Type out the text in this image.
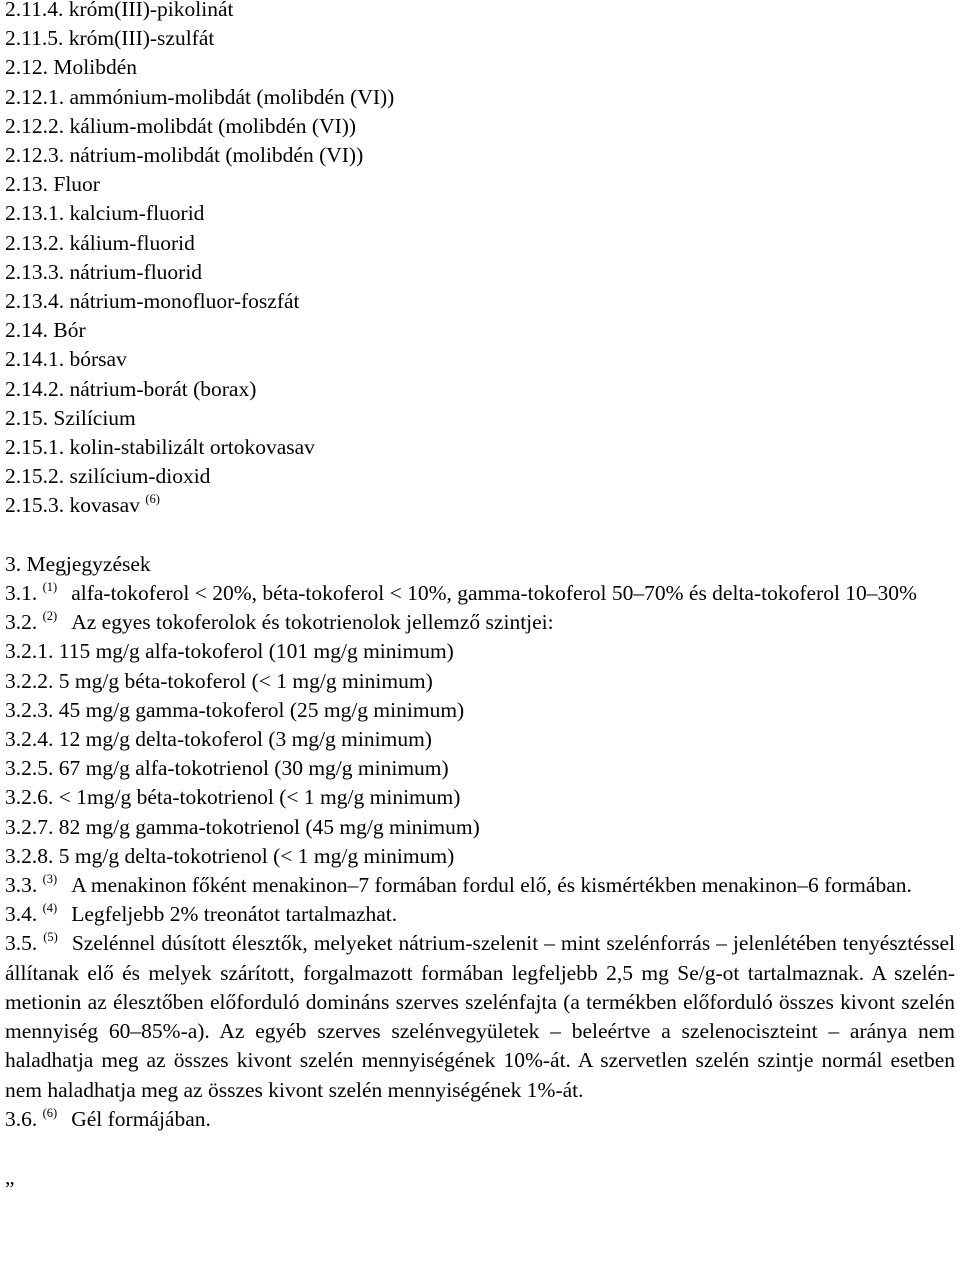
2.11.4. króm(III)-pikolinát
2.11.5. króm(III)-szulfát
2.12. Molibdén
2.12.1. ammónium-molibdát (molibdén (VI))
2.12.2. kálium-molibdát (molibdén (VI))
2.12.3. nátrium-molibdát (molibdén (VI))
2.13. Fluor
2.13.1. kalcium-fluorid
2.13.2. kálium-fluorid
2.13.3. nátrium-fluorid
2.13.4. nátrium-monofluor-foszfát
2.14. Bór
2.14.1. bórsav
2.14.2. nátrium-borát (borax)
2.15. Szilícium
2.15.1. kolin-stabilizált ortokovasav
2.15.2. szilícium-dioxid
2.15.3. kovasav $^{(6)}$
3. Megjegyzések
3.1. $^{(1)}$ alfa-tokoferol < 20%, béta-tokoferol < 10%, gamma-tokoferol 50–70% és delta-tokoferol 10–30%
3.2. $^{(2)}$ Az egyes tokoferolok és tokotrienolok jellemző szintjei:
3.2.1. 115 mg/g alfa-tokoferol (101 mg/g minimum)
3.2.2. 5 mg/g béta-tokoferol (< 1 mg/g minimum)
3.2.3. 45 mg/g gamma-tokoferol (25 mg/g minimum)
3.2.4. 12 mg/g delta-tokoferol (3 mg/g minimum)
3.2.5. 67 mg/g alfa-tokotrienol (30 mg/g minimum)
3.2.6. < 1mg/g béta-tokotrienol (< 1 mg/g minimum)
3.2.7. 82 mg/g gamma-tokotrienol (45 mg/g minimum)
3.2.8. 5 mg/g delta-tokotrienol (< 1 mg/g minimum)
3.3. $^{(3)}$ A menakinon főként menakinon–7 formában fordul elő, és kismértékben menakinon–6 formában.
3.4. $^{(4)}$ Legfeljebb 2% treonátot tartalmazhat.
3.5. $^{(5)}$ Szelénnel dúsított élesztők, melyeket nátrium-szelenit – mint szelénforrás – jelenlétében tenyésztéssel állítanak elő és melyek szárított, forgalmazott formában legfeljebb 2,5 mg Se/g-ot tartalmaznak. A szelén-metionin az élesztőben előforduló domináns szerves szelénfajta (a termékben előforduló összes kivont szelén mennyiség 60–85%-a). Az egyéb szerves szelénvegyületek – beleértve a szelenociszteint – aránya nem haladhatja meg az összes kivont szelén mennyiségének 10%-át. A szervetlen szelén szintje normál esetben nem haladhatja meg az összes kivont szelén mennyiségének 1%-át.
3.6. $^{(6)}$ Gél formájában.
„
